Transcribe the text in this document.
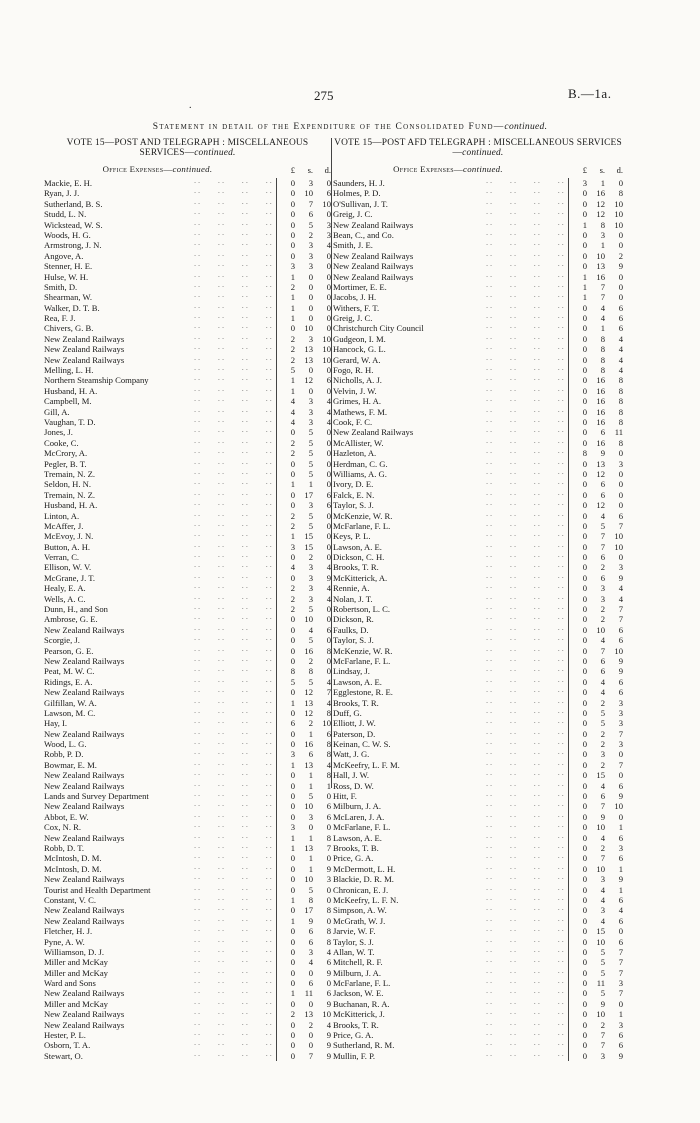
275
.
B.—1a.
Statement in detail of the Expenditure of the Consolidated Fund—continued.
VOTE 15—POST AND TELEGRAPH : MISCELLANEOUS SERVICES—continued.
Office Expenses—continued.	£	s.	d.
Mackie, E. H. · ·	0	3	0
Ryan, J. J. · ·	0	10	6
Sutherland, B. S. · ·	0	7	10
Studd, L. N. · ·	0	6	0
Wickstead, W. S. · ·	0	5	3
Woods, H. G. · ·	0	2	3
Armstrong, J. N. · ·	0	3	4
Angove, A. · ·	0	3	0
Stenner, H. E. · ·	3	3	0
Hulse, W. H. · ·	1	0	0
Smith, D. · ·	2	0	0
Shearman, W. · ·	1	0	0
Walker, D. T. B. · ·	1	0	0
Rea, F. J. · ·	1	0	0
Chivers, G. B. · ·	0	10	0
New Zealand Railways · ·	2	3	10
New Zealand Railways · ·	2	13	10
New Zealand Railways · ·	2	13	10
Melling, L. H. · ·	5	0	0
Northern Steamship Company · ·	1	12	6
Husband, H. A. · ·	1	0	0
Campbell, M. · ·	4	3	4
Gill, A. · ·	4	3	4
Vaughan, T. D. · ·	4	3	4
Jones, J. · ·	0	5	0
Cooke, C. · ·	2	5	0
McCrory, A. · ·	2	5	0
Pegler, B. T. · ·	0	5	0
Tremain, N. Z. · ·	0	5	0
Seldon, H. N. · ·	1	1	0
Tremain, N. Z. · ·	0	17	6
Husband, H. A. · ·	0	3	6
Linton, A. · ·	2	5	0
McAffer, J. · ·	2	5	0
McEvoy, J. N. · ·	1	15	0
Button, A. H. · ·	3	15	0
Verran, C. · ·	0	2	0
Ellison, W. V. · ·	4	3	4
McGrane, J. T. · ·	0	3	9
Healy, E. A. · ·	2	3	4
Wells, A. C. · ·	2	3	4
Dunn, H., and Son · ·	2	5	0
Ambrose, G. E. · ·	0	10	0
New Zealand Railways · ·	0	4	6
Scorgie, J. · ·	0	5	0
Pearson, G. E. · ·	0	16	8
New Zealand Railways · ·	0	2	0
Peat, M. W. C. · ·	8	8	0
Ridings, E. A. · ·	5	5	4
New Zealand Railways · ·	0	12	7
Gilfillan, W. A. · ·	1	13	4
Lawson, M. C. · ·	0	12	8
Hay, I. · ·	6	2	10
New Zealand Railways · ·	0	1	6
Wood, L. G. · ·	0	16	8
Robb, P. D. · ·	3	6	8
Bowmar, E. M. · ·	1	13	4
New Zealand Railways · ·	0	1	8
New Zealand Railways · ·	0	1	1
Lands and Survey Department · ·	0	5	0
New Zealand Railways · ·	0	10	6
Abbot, E. W. · ·	0	3	6
Cox, N. R. · ·	3	0	0
New Zealand Railways · ·	1	1	8
Robb, D. T. · ·	1	13	7
McIntosh, D. M. · ·	0	1	0
McIntosh, D. M. · ·	0	1	9
New Zealand Railways · ·	0	10	3
Tourist and Health Department · ·	0	5	0
Constant, V. C. · ·	1	8	0
New Zealand Railways · ·	0	17	8
New Zealand Railways · ·	1	9	0
Fletcher, H. J. · ·	0	6	8
Pyne, A. W. · ·	0	6	8
Williamson, D. J. · ·	0	3	4
Miller and McKay · ·	0	4	6
Miller and McKay · ·	0	0	9
Ward and Sons · ·	0	6	0
New Zealand Railways · ·	1	11	6
Miller and McKay · ·	0	0	9
New Zealand Railways · ·	2	13	10
New Zealand Railways · ·	0	2	4
Hester, P. L. · ·	0	0	9
Osborn, T. A. · ·	0	0	9
Stewart, O. · ·	0	7	9
VOTE 15—POST AFD TELEGRAPH : MISCELLANEOUS SERVICES—continued.
Office Expenses—continued.	£	s.	d.
Saunders, H. J. · ·	3	1	0
Holmes, P. D. · ·	0	16	8
O'Sullivan, J. T. · ·	0	12	10
Greig, J. C. · ·	0	12	10
New Zealand Railways · ·	1	8	10
Bean, C., and Co. · ·	0	3	0
Smith, J. E. · ·	0	1	0
New Zealand Railways · ·	0	10	2
New Zealand Railways · ·	0	13	9
New Zealand Railways · ·	1	16	0
Mortimer, E. E. · ·	1	7	0
Jacobs, J. H. · ·	1	7	0
Withers, F. T. · ·	0	4	6
Greig, J. C. · ·	0	4	6
Christchurch City Council · ·	0	1	6
Gudgeon, I. M. · ·	0	8	4
Hancock, G. L. · ·	0	8	4
Gerard, W. A. · ·	0	8	4
Fogo, R. H. · ·	0	8	4
Nicholls, A. J. · ·	0	16	8
Velvin, J. W. · ·	0	16	8
Grimes, H. A. · ·	0	16	8
Mathews, F. M. · ·	0	16	8
Cook, F. C. · ·	0	16	8
New Zealand Railways · ·	0	6	11
McAllister, W. · ·	0	16	8
Hazleton, A. · ·	8	9	0
Herdman, C. G. · ·	0	13	3
Williams, A. G. · ·	0	12	0
Ivory, D. E. · ·	0	6	0
Falck, E. N. · ·	0	6	0
Taylor, S. J. · ·	0	12	0
McKenzie, W. R. · ·	0	4	6
McFarlane, F. L. · ·	0	5	7
Keys, P. L. · ·	0	7	10
Lawson, A. E. · ·	0	7	10
Dickson, C. H. · ·	0	6	0
Brooks, T. R. · ·	0	2	3
McKitterick, A. · ·	0	6	9
Rennie, A. · ·	0	3	4
Nolan, J. T. · ·	0	3	4
Robertson, L. C. · ·	0	2	7
Dickson, R. · ·	0	2	7
Faulks, D. · ·	0	10	6
Taylor, S. J. · ·	0	4	6
McKenzie, W. R. · ·	0	7	10
McFarlane, F. L. · ·	0	6	9
Lindsay, J. · ·	0	6	9
Lawson, A. E. · ·	0	4	6
Egglestone, R. E. · ·	0	4	6
Brooks, T. R. · ·	0	2	3
Duff, G. · ·	0	5	3
Elliott, J. W. · ·	0	5	3
Paterson, D. · ·	0	2	7
Keinan, C. W. S. · ·	0	2	3
Watt, J. G. · ·	0	3	0
McKeefry, L. F. M. · ·	0	2	7
Hall, J. W. · ·	0	15	0
Ross, D. W. · ·	0	4	6
Hitt, F. · ·	0	6	9
Milburn, J. A. · ·	0	7	10
McLaren, J. A. · ·	0	9	0
McFarlane, F. L. · ·	0	10	1
Lawson, A. E. · ·	0	4	6
Brooks, T. B. · ·	0	2	3
Price, G. A. · ·	0	7	6
McDermott, L. H. · ·	0	10	1
Blackie, D. R. M. · ·	0	3	9
Chronican, E. J. · ·	0	4	1
McKeefry, L. F. N. · ·	0	4	6
Simpson, A. W. · ·	0	3	4
McGrath, W. J. · ·	0	4	6
Jarvie, W. F. · ·	0	15	0
Taylor, S. J. · ·	0	10	6
Allan, W. T. · ·	0	5	7
Mitchell, R. F. · ·	0	5	7
Milburn, J. A. · ·	0	5	7
McFarlane, F. L. · ·	0	11	3
Jackson, W. E. · ·	0	5	7
Buchanan, R. A. · ·	0	9	0
McKitterick, J. · ·	0	10	1
Brooks, T. R. · ·	0	2	3
Price, G. A. · ·	0	7	6
Sutherland, R. M. · ·	0	7	6
Mullin, F. P. · ·	0	3	9
